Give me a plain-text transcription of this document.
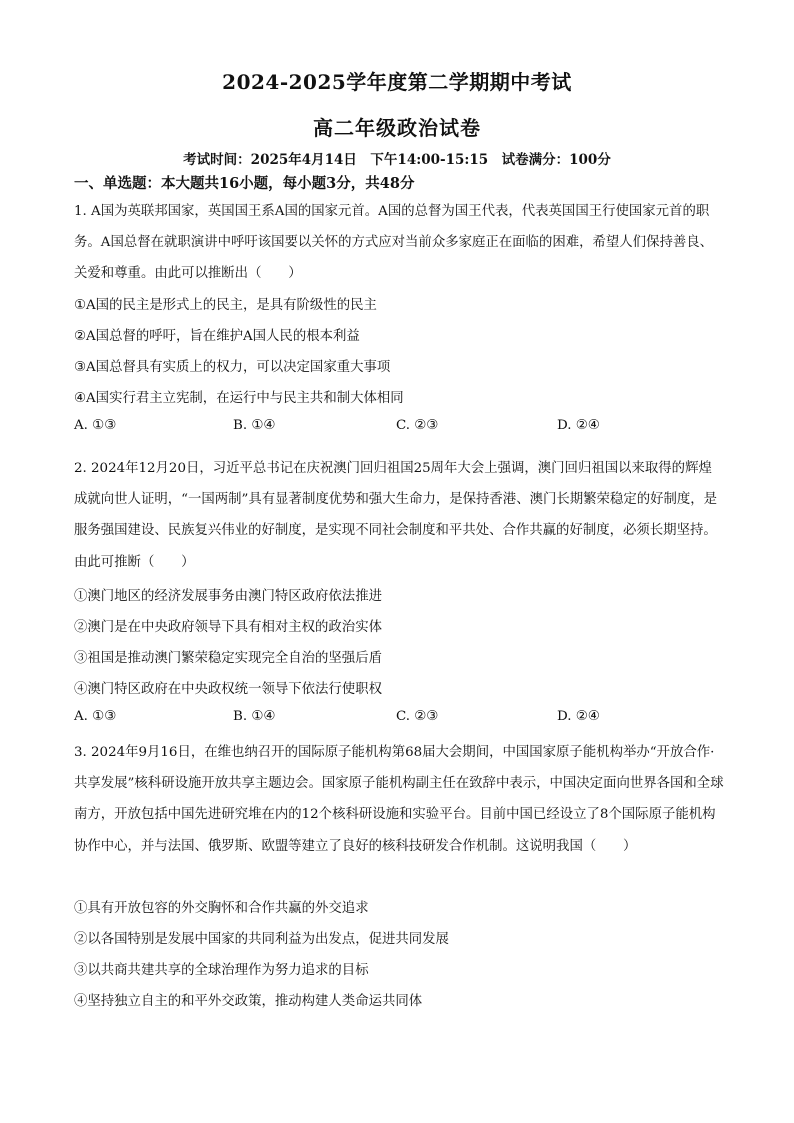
2024-2025学年度第二学期期中考试
高二年级政治试卷
考试时间：2025年4月14日　下午14:00-15:15　试卷满分：100分
一、单选题：本大题共16小题，每小题3分，共48分
1. A国为英联邦国家，英国国王系A国的国家元首。A国的总督为国王代表，代表英国国王行使国家元首的职务。A国总督在就职演讲中呼吁该国要以关怀的方式应对当前众多家庭正在面临的困难，希望人们保持善良、关爱和尊重。由此可以推断出（　　）
①A国的民主是形式上的民主，是具有阶级性的民主
②A国总督的呼吁，旨在维护A国人民的根本利益
③A国总督具有实质上的权力，可以决定国家重大事项
④A国实行君主立宪制，在运行中与民主共和制大体相同
A. ①③	B. ①④	C. ②③	D. ②④
2. 2024年12月20日，习近平总书记在庆祝澳门回归祖国25周年大会上强调，澳门回归祖国以来取得的辉煌成就向世人证明，“一国两制”具有显著制度优势和强大生命力，是保持香港、澳门长期繁荣稳定的好制度，是服务强国建设、民族复兴伟业的好制度，是实现不同社会制度和平共处、合作共赢的好制度，必须长期坚持。由此可推断（　　）
①澳门地区的经济发展事务由澳门特区政府依法推进
②澳门是在中央政府领导下具有相对主权的政治实体
③祖国是推动澳门繁荣稳定实现完全自治的坚强后盾
④澳门特区政府在中央政权统一领导下依法行使职权
A. ①③	B. ①④	C. ②③	D. ②④
3. 2024年9月16日，在维也纳召开的国际原子能机构第68届大会期间，中国国家原子能机构举办“开放合作·共享发展”核科研设施开放共享主题边会。国家原子能机构副主任在致辞中表示，中国决定面向世界各国和全球南方，开放包括中国先进研究堆在内的12个核科研设施和实验平台。目前中国已经设立了8个国际原子能机构协作中心，并与法国、俄罗斯、欧盟等建立了良好的核科技研发合作机制。这说明我国（　　）
①具有开放包容的外交胸怀和合作共赢的外交追求
②以各国特别是发展中国家的共同利益为出发点，促进共同发展
③以共商共建共享的全球治理作为努力追求的目标
④坚持独立自主的和平外交政策，推动构建人类命运共同体
